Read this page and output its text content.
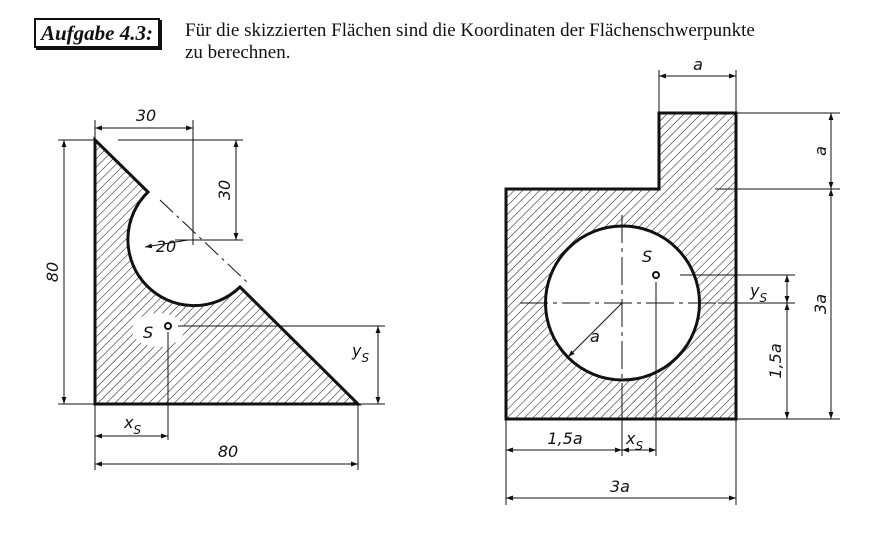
Aufgabe 4.3:	Für die skizzierten Flächen sind die Koordinaten der Flächenschwerpunkte
zu berechnen.
30
30
20
80
S
$y_S$
$x_S$
80
a
S
a
a
3a
$y_S$
1,5a
1,5a	$x_S$
3a
